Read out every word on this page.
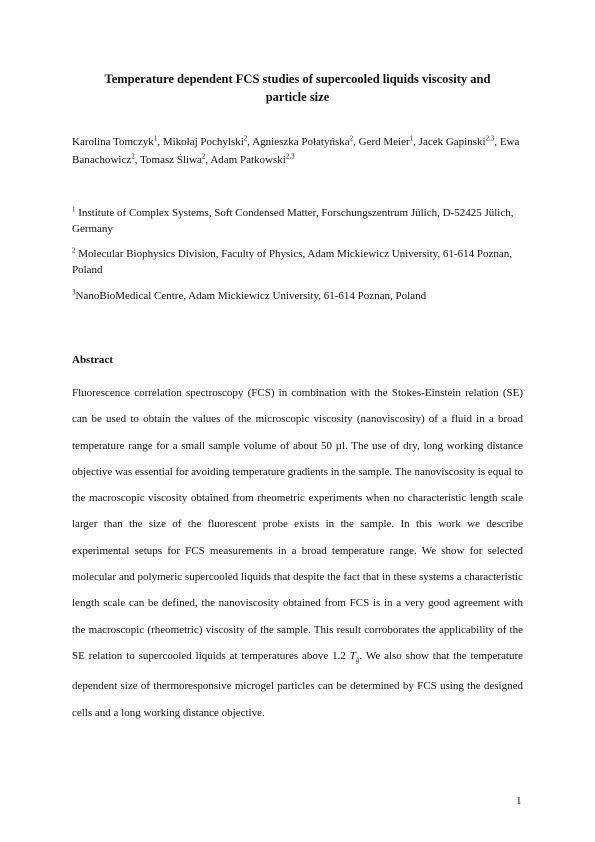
Temperature dependent FCS studies of supercooled liquids viscosity and
particle size
Karolina Tomczyk$^1$, Mikołaj Pochylski$^2$, Agnieszka Połatyńska$^2$, Gerd Meier$^1$, Jacek Gapinski$^{2,3}$, Ewa Banachowicz$^2$, Tomasz Śliwa$^2$, Adam Patkowski$^{2,3}$
$^1$ Institute of Complex Systems, Soft Condensed Matter, Forschungszentrum Jülich, D-52425 Jülich, Germany
$^2$ Molecular Biophysics Division, Faculty of Physics, Adam Mickiewicz University, 61-614 Poznan, Poland
$^3$NanoBioMedical Centre, Adam Mickiewicz University, 61-614 Poznan, Poland
Abstract
Fluorescence correlation spectroscopy (FCS) in combination with the Stokes-Einstein relation (SE) can be used to obtain the values of the microscopic viscosity (nanoviscosity) of a fluid in a broad temperature range for a small sample volume of about 50 µl. The use of dry, long working distance objective was essential for avoiding temperature gradients in the sample. The nanoviscosity is equal to the macroscopic viscosity obtained from rheometric experiments when no characteristic length scale larger than the size of the fluorescent probe exists in the sample. In this work we describe experimental setups for FCS measurements in a broad temperature range. We show for selected molecular and polymeric supercooled liquids that despite the fact that in these systems a characteristic length scale can be defined, the nanoviscosity obtained from FCS is in a very good agreement with the macroscopic (rheometric) viscosity of the sample. This result corroborates the applicability of the SE relation to supercooled liquids at temperatures above 1.2 $T_g$. We also show that the temperature dependent size of thermoresponsive microgel particles can be determined by FCS using the designed cells and a long working distance objective.
1
